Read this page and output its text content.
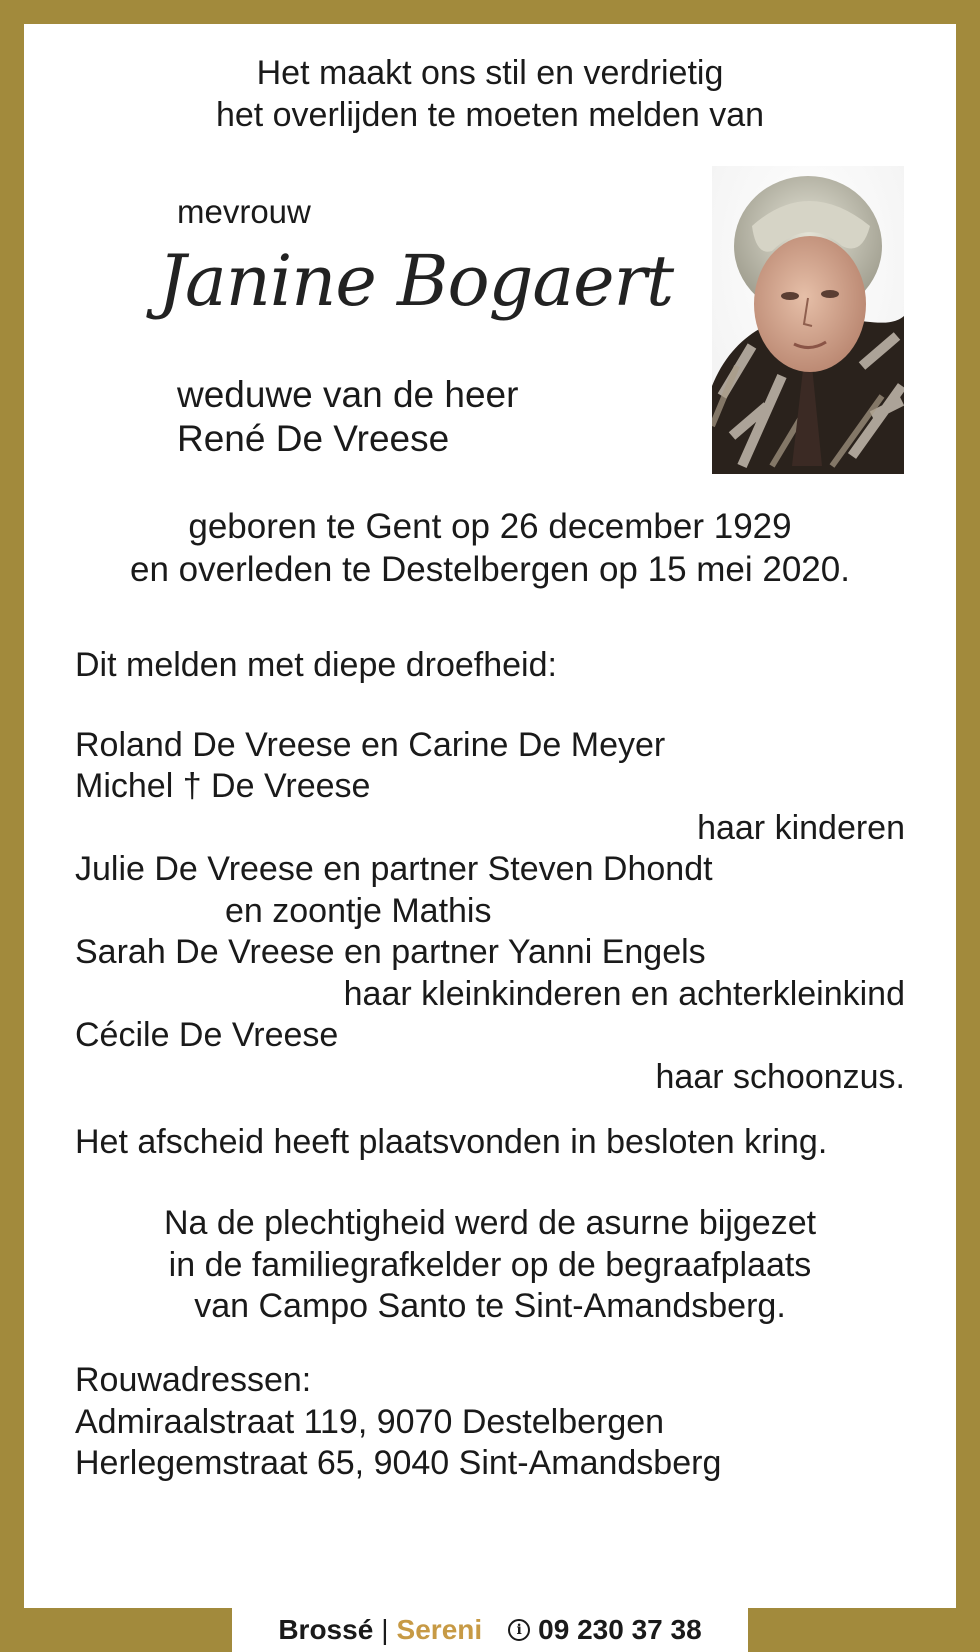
Het maakt ons stil en verdrietig
het overlijden te moeten melden van
mevrouw
Janine Bogaert
weduwe van de heer
René De Vreese
geboren te Gent op 26 december 1929
en overleden te Destelbergen op 15 mei 2020.
Dit melden met diepe droefheid:
Roland De Vreese en Carine De Meyer
Michel † De Vreese
haar kinderen
Julie De Vreese en partner Steven Dhondt
en zoontje Mathis
Sarah De Vreese en partner Yanni Engels
haar kleinkinderen en achterkleinkind
Cécile De Vreese
haar schoonzus.
Het afscheid heeft plaatsvonden in besloten kring.
Na de plechtigheid werd de asurne bijgezet
in de familiegrafkelder op de begraafplaats
van Campo Santo te Sint-Amandsberg.
Rouwadressen:
Admiraalstraat 119, 9070 Destelbergen
Herlegemstraat 65, 9040 Sint-Amandsberg
Brossé | Sereni	i 09 230 37 38
